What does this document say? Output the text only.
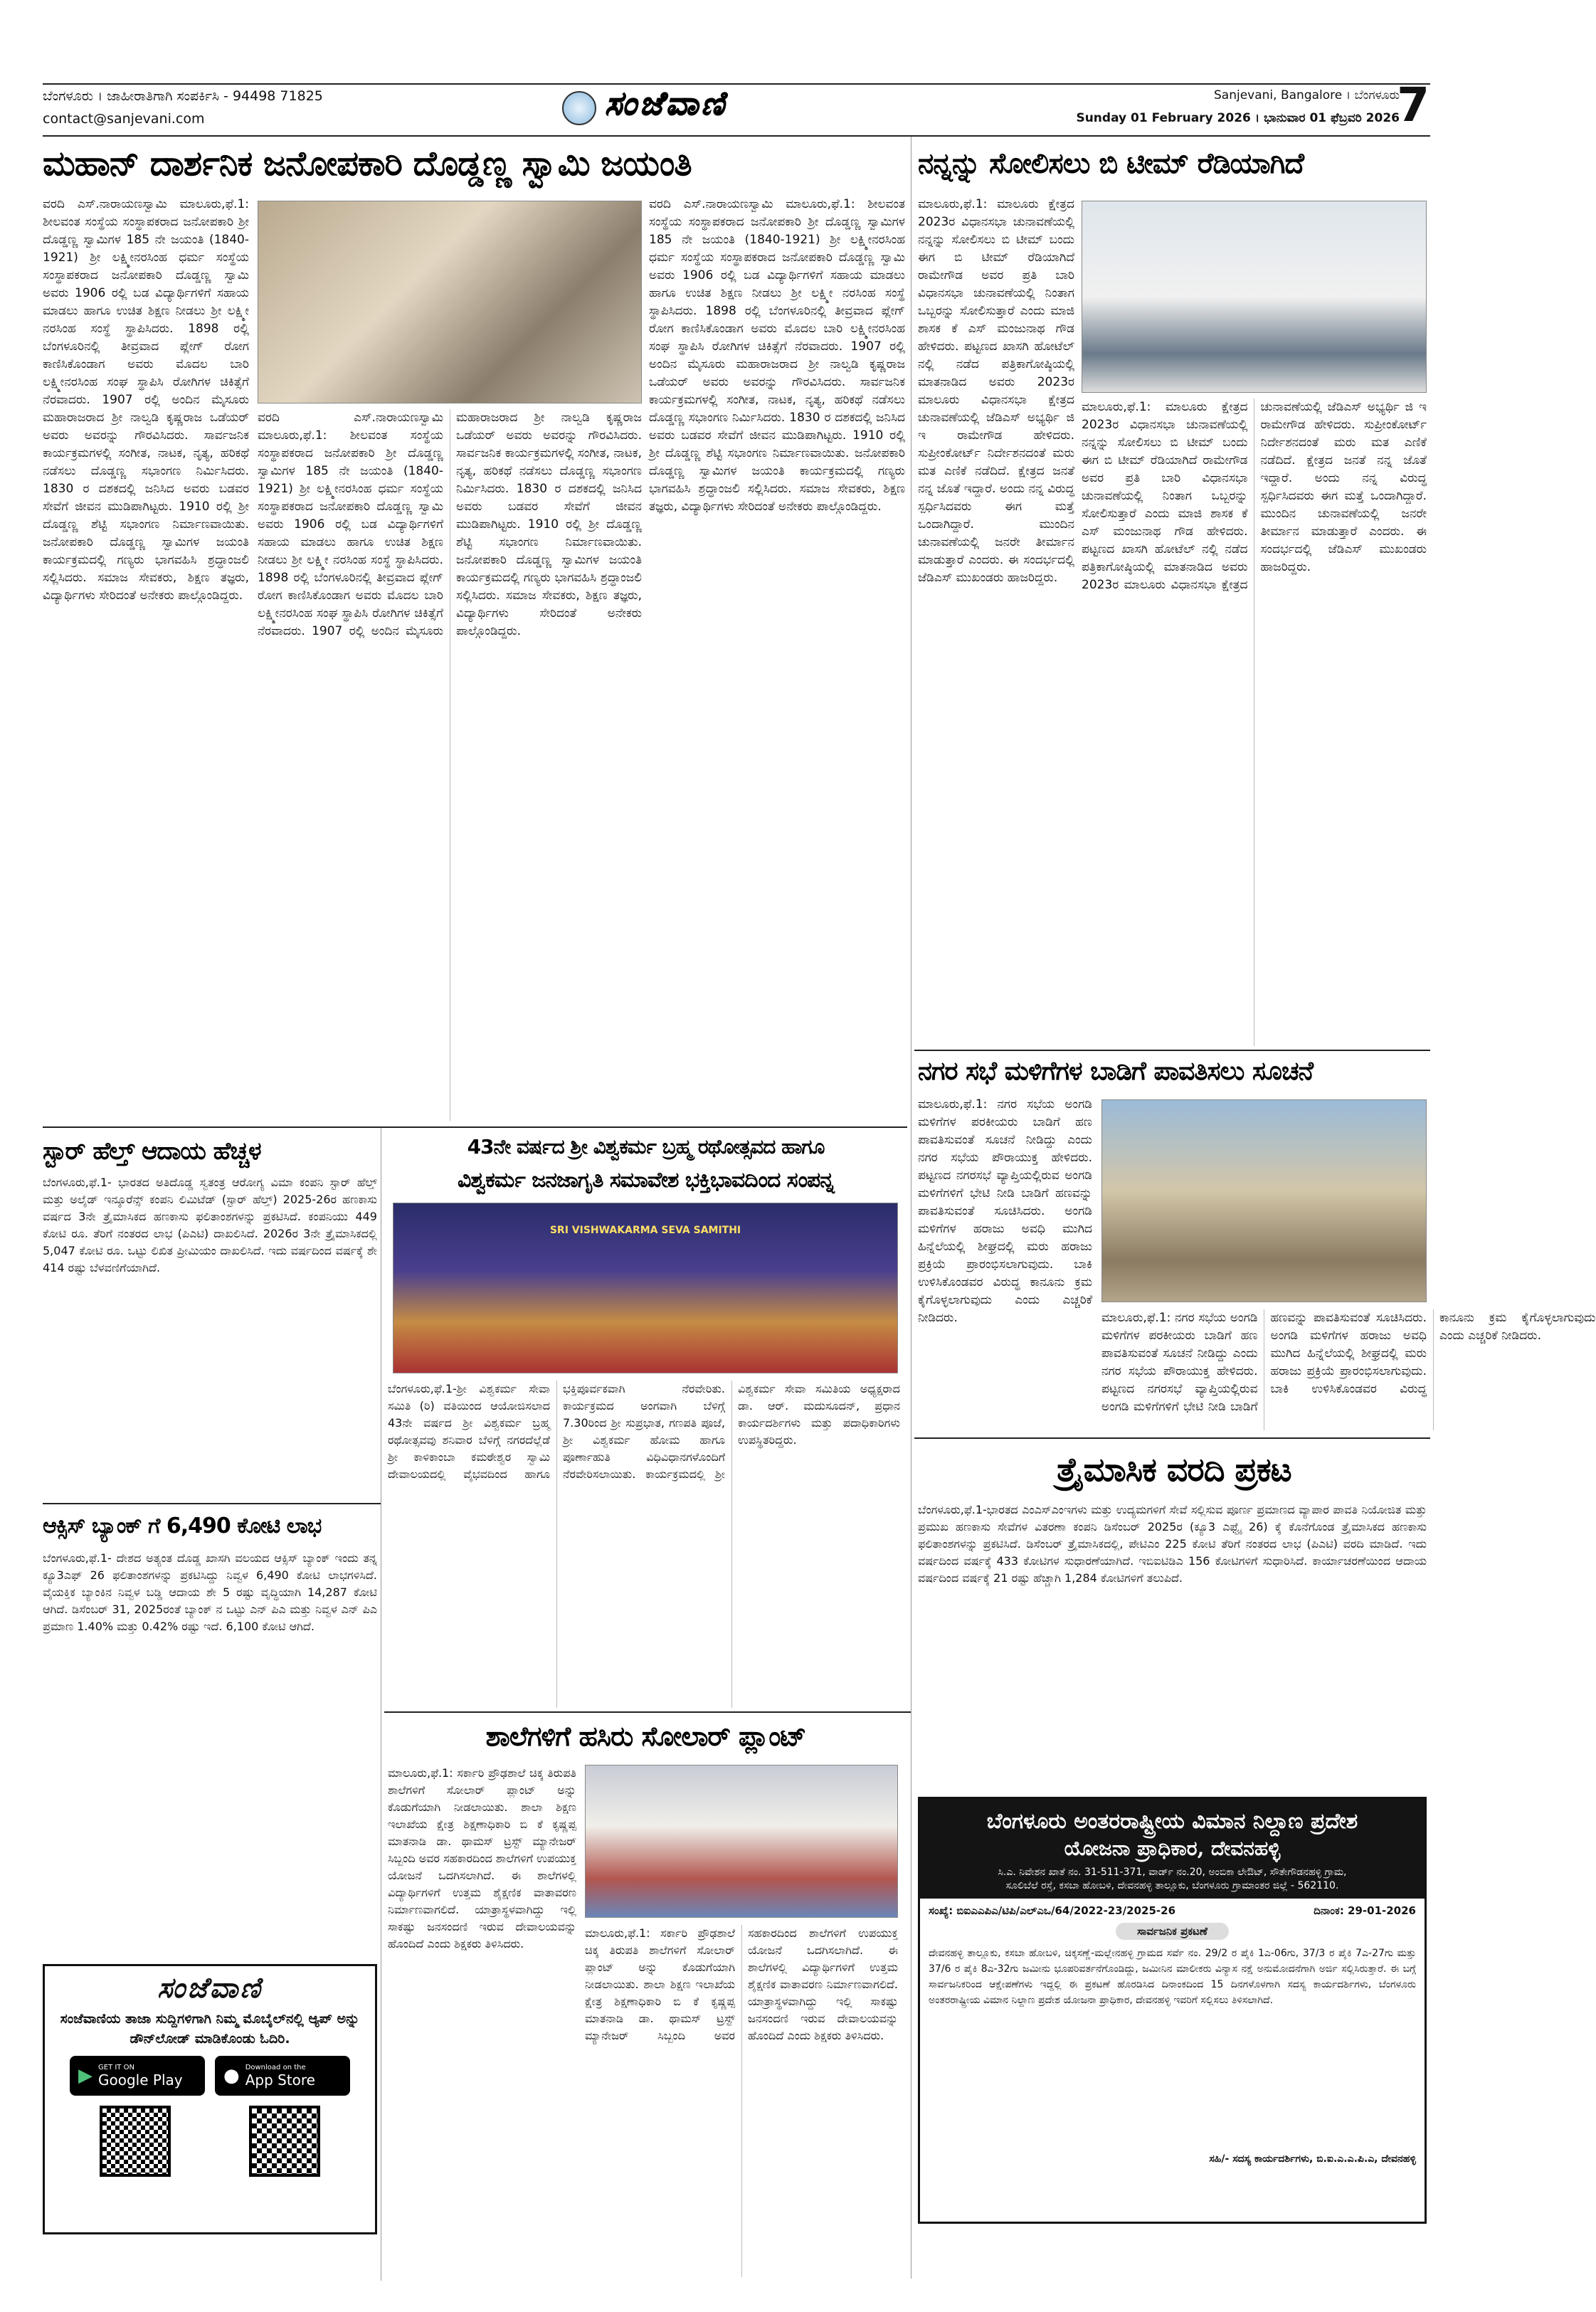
ಬೆಂಗಳೂರು । ಜಾಹೀರಾತಿಗಾಗಿ ಸಂಪರ್ಕಿಸಿ - 94498 71825
contact@sanjevani.com	ಸಂಜೆವಾಣಿ	Sanjevani, Bangalore । ಬೆಂಗಳೂರು
Sunday 01 February 2026 । ಭಾನುವಾರ 01 ಫೆಬ್ರವರಿ 2026
7
ಮಹಾನ್ ದಾರ್ಶನಿಕ ಜನೋಪಕಾರಿ ದೊಡ್ಡಣ್ಣ ಸ್ವಾಮಿ ಜಯಂತಿ
ವರದಿ ಎಸ್.ನಾರಾಯಣಸ್ವಾಮಿ ಮಾಲೂರು,ಫೆ.1: ಶೀಲವಂತ ಸಂಸ್ಥೆಯ ಸಂಸ್ಥಾಪಕರಾದ ಜನೋಪಕಾರಿ ಶ್ರೀ ದೊಡ್ಡಣ್ಣ ಸ್ವಾಮಿಗಳ 185 ನೇ ಜಯಂತಿ (1840-1921) ಶ್ರೀ ಲಕ್ಷ್ಮೀನರಸಿಂಹ ಧರ್ಮ ಸಂಸ್ಥೆಯ ಸಂಸ್ಥಾಪಕರಾದ ಜನೋಪಕಾರಿ ದೊಡ್ಡಣ್ಣ ಸ್ವಾಮಿ ಅವರು 1906 ರಲ್ಲಿ ಬಡ ವಿದ್ಯಾರ್ಥಿಗಳಿಗೆ ಸಹಾಯ ಮಾಡಲು ಹಾಗೂ ಉಚಿತ ಶಿಕ್ಷಣ ನೀಡಲು ಶ್ರೀ ಲಕ್ಷ್ಮೀ ನರಸಿಂಹ ಸಂಸ್ಥೆ ಸ್ಥಾಪಿಸಿದರು. 1898 ರಲ್ಲಿ ಬೆಂಗಳೂರಿನಲ್ಲಿ ತೀವ್ರವಾದ ಪ್ಲೇಗ್ ರೋಗ ಕಾಣಿಸಿಕೊಂಡಾಗ ಅವರು ಮೊದಲ ಬಾರಿ ಲಕ್ಷ್ಮೀನರಸಿಂಹ ಸಂಘ ಸ್ಥಾಪಿಸಿ ರೋಗಿಗಳ ಚಿಕಿತ್ಸೆಗೆ ನೆರವಾದರು. 1907 ರಲ್ಲಿ ಅಂದಿನ ಮೈಸೂರು ಮಹಾರಾಜರಾದ ಶ್ರೀ ನಾಲ್ವಡಿ ಕೃಷ್ಣರಾಜ ಒಡೆಯರ್ ಅವರು ಅವರನ್ನು ಗೌರವಿಸಿದರು. ಸಾರ್ವಜನಿಕ ಕಾರ್ಯಕ್ರಮಗಳಲ್ಲಿ ಸಂಗೀತ, ನಾಟಕ, ನೃತ್ಯ, ಹರಿಕಥೆ ನಡೆಸಲು ದೊಡ್ಡಣ್ಣ ಸಭಾಂಗಣ ನಿರ್ಮಿಸಿದರು. 1830 ರ ದಶಕದಲ್ಲಿ ಜನಿಸಿದ ಅವರು ಬಡವರ ಸೇವೆಗೆ ಜೀವನ ಮುಡಿಪಾಗಿಟ್ಟರು. 1910 ರಲ್ಲಿ ಶ್ರೀ ದೊಡ್ಡಣ್ಣ ಶೆಟ್ಟಿ ಸಭಾಂಗಣ ನಿರ್ಮಾಣವಾಯಿತು. ಜನೋಪಕಾರಿ ದೊಡ್ಡಣ್ಣ ಸ್ವಾಮಿಗಳ ಜಯಂತಿ ಕಾರ್ಯಕ್ರಮದಲ್ಲಿ ಗಣ್ಯರು ಭಾಗವಹಿಸಿ ಶ್ರದ್ಧಾಂಜಲಿ ಸಲ್ಲಿಸಿದರು. ಸಮಾಜ ಸೇವಕರು, ಶಿಕ್ಷಣ ತಜ್ಞರು, ವಿದ್ಯಾರ್ಥಿಗಳು ಸೇರಿದಂತೆ ಅನೇಕರು ಪಾಲ್ಗೊಂಡಿದ್ದರು.
ವರದಿ ಎಸ್.ನಾರಾಯಣಸ್ವಾಮಿ ಮಾಲೂರು,ಫೆ.1: ಶೀಲವಂತ ಸಂಸ್ಥೆಯ ಸಂಸ್ಥಾಪಕರಾದ ಜನೋಪಕಾರಿ ಶ್ರೀ ದೊಡ್ಡಣ್ಣ ಸ್ವಾಮಿಗಳ 185 ನೇ ಜಯಂತಿ (1840-1921) ಶ್ರೀ ಲಕ್ಷ್ಮೀನರಸಿಂಹ ಧರ್ಮ ಸಂಸ್ಥೆಯ ಸಂಸ್ಥಾಪಕರಾದ ಜನೋಪಕಾರಿ ದೊಡ್ಡಣ್ಣ ಸ್ವಾಮಿ ಅವರು 1906 ರಲ್ಲಿ ಬಡ ವಿದ್ಯಾರ್ಥಿಗಳಿಗೆ ಸಹಾಯ ಮಾಡಲು ಹಾಗೂ ಉಚಿತ ಶಿಕ್ಷಣ ನೀಡಲು ಶ್ರೀ ಲಕ್ಷ್ಮೀ ನರಸಿಂಹ ಸಂಸ್ಥೆ ಸ್ಥಾಪಿಸಿದರು. 1898 ರಲ್ಲಿ ಬೆಂಗಳೂರಿನಲ್ಲಿ ತೀವ್ರವಾದ ಪ್ಲೇಗ್ ರೋಗ ಕಾಣಿಸಿಕೊಂಡಾಗ ಅವರು ಮೊದಲ ಬಾರಿ ಲಕ್ಷ್ಮೀನರಸಿಂಹ ಸಂಘ ಸ್ಥಾಪಿಸಿ ರೋಗಿಗಳ ಚಿಕಿತ್ಸೆಗೆ ನೆರವಾದರು. 1907 ರಲ್ಲಿ ಅಂದಿನ ಮೈಸೂರು ಮಹಾರಾಜರಾದ ಶ್ರೀ ನಾಲ್ವಡಿ ಕೃಷ್ಣರಾಜ ಒಡೆಯರ್ ಅವರು ಅವರನ್ನು ಗೌರವಿಸಿದರು. ಸಾರ್ವಜನಿಕ ಕಾರ್ಯಕ್ರಮಗಳಲ್ಲಿ ಸಂಗೀತ, ನಾಟಕ, ನೃತ್ಯ, ಹರಿಕಥೆ ನಡೆಸಲು ದೊಡ್ಡಣ್ಣ ಸಭಾಂಗಣ ನಿರ್ಮಿಸಿದರು. 1830 ರ ದಶಕದಲ್ಲಿ ಜನಿಸಿದ ಅವರು ಬಡವರ ಸೇವೆಗೆ ಜೀವನ ಮುಡಿಪಾಗಿಟ್ಟರು. 1910 ರಲ್ಲಿ ಶ್ರೀ ದೊಡ್ಡಣ್ಣ ಶೆಟ್ಟಿ ಸಭಾಂಗಣ ನಿರ್ಮಾಣವಾಯಿತು. ಜನೋಪಕಾರಿ ದೊಡ್ಡಣ್ಣ ಸ್ವಾಮಿಗಳ ಜಯಂತಿ ಕಾರ್ಯಕ್ರಮದಲ್ಲಿ ಗಣ್ಯರು ಭಾಗವಹಿಸಿ ಶ್ರದ್ಧಾಂಜಲಿ ಸಲ್ಲಿಸಿದರು. ಸಮಾಜ ಸೇವಕರು, ಶಿಕ್ಷಣ ತಜ್ಞರು, ವಿದ್ಯಾರ್ಥಿಗಳು ಸೇರಿದಂತೆ ಅನೇಕರು ಪಾಲ್ಗೊಂಡಿದ್ದರು.
ವರದಿ ಎಸ್.ನಾರಾಯಣಸ್ವಾಮಿ ಮಾಲೂರು,ಫೆ.1: ಶೀಲವಂತ ಸಂಸ್ಥೆಯ ಸಂಸ್ಥಾಪಕರಾದ ಜನೋಪಕಾರಿ ಶ್ರೀ ದೊಡ್ಡಣ್ಣ ಸ್ವಾಮಿಗಳ 185 ನೇ ಜಯಂತಿ (1840-1921) ಶ್ರೀ ಲಕ್ಷ್ಮೀನರಸಿಂಹ ಧರ್ಮ ಸಂಸ್ಥೆಯ ಸಂಸ್ಥಾಪಕರಾದ ಜನೋಪಕಾರಿ ದೊಡ್ಡಣ್ಣ ಸ್ವಾಮಿ ಅವರು 1906 ರಲ್ಲಿ ಬಡ ವಿದ್ಯಾರ್ಥಿಗಳಿಗೆ ಸಹಾಯ ಮಾಡಲು ಹಾಗೂ ಉಚಿತ ಶಿಕ್ಷಣ ನೀಡಲು ಶ್ರೀ ಲಕ್ಷ್ಮೀ ನರಸಿಂಹ ಸಂಸ್ಥೆ ಸ್ಥಾಪಿಸಿದರು. 1898 ರಲ್ಲಿ ಬೆಂಗಳೂರಿನಲ್ಲಿ ತೀವ್ರವಾದ ಪ್ಲೇಗ್ ರೋಗ ಕಾಣಿಸಿಕೊಂಡಾಗ ಅವರು ಮೊದಲ ಬಾರಿ ಲಕ್ಷ್ಮೀನರಸಿಂಹ ಸಂಘ ಸ್ಥಾಪಿಸಿ ರೋಗಿಗಳ ಚಿಕಿತ್ಸೆಗೆ ನೆರವಾದರು. 1907 ರಲ್ಲಿ ಅಂದಿನ ಮೈಸೂರು ಮಹಾರಾಜರಾದ ಶ್ರೀ ನಾಲ್ವಡಿ ಕೃಷ್ಣರಾಜ ಒಡೆಯರ್ ಅವರು ಅವರನ್ನು ಗೌರವಿಸಿದರು. ಸಾರ್ವಜನಿಕ ಕಾರ್ಯಕ್ರಮಗಳಲ್ಲಿ ಸಂಗೀತ, ನಾಟಕ, ನೃತ್ಯ, ಹರಿಕಥೆ ನಡೆಸಲು ದೊಡ್ಡಣ್ಣ ಸಭಾಂಗಣ ನಿರ್ಮಿಸಿದರು. 1830 ರ ದಶಕದಲ್ಲಿ ಜನಿಸಿದ ಅವರು ಬಡವರ ಸೇವೆಗೆ ಜೀವನ ಮುಡಿಪಾಗಿಟ್ಟರು. 1910 ರಲ್ಲಿ ಶ್ರೀ ದೊಡ್ಡಣ್ಣ ಶೆಟ್ಟಿ ಸಭಾಂಗಣ ನಿರ್ಮಾಣವಾಯಿತು. ಜನೋಪಕಾರಿ ದೊಡ್ಡಣ್ಣ ಸ್ವಾಮಿಗಳ ಜಯಂತಿ ಕಾರ್ಯಕ್ರಮದಲ್ಲಿ ಗಣ್ಯರು ಭಾಗವಹಿಸಿ ಶ್ರದ್ಧಾಂಜಲಿ ಸಲ್ಲಿಸಿದರು. ಸಮಾಜ ಸೇವಕರು, ಶಿಕ್ಷಣ ತಜ್ಞರು, ವಿದ್ಯಾರ್ಥಿಗಳು ಸೇರಿದಂತೆ ಅನೇಕರು ಪಾಲ್ಗೊಂಡಿದ್ದರು.
ನನ್ನನ್ನು ಸೋಲಿಸಲು ಬಿ ಟೀಮ್ ರೆಡಿಯಾಗಿದೆ
ಮಾಲೂರು,ಫೆ.1: ಮಾಲೂರು ಕ್ಷೇತ್ರದ 2023ರ ವಿಧಾನಸಭಾ ಚುನಾವಣೆಯಲ್ಲಿ ನನ್ನನ್ನು ಸೋಲಿಸಲು ಬಿ ಟೀಮ್ ಬಂದು ಈಗ ಬಿ ಟೀಮ್ ರೆಡಿಯಾಗಿದೆ ರಾಮೇಗೌಡ ಅವರ ಪ್ರತಿ ಬಾರಿ ವಿಧಾನಸಭಾ ಚುನಾವಣೆಯಲ್ಲಿ ನಿಂತಾಗ ಒಬ್ಬರನ್ನು ಸೋಲಿಸುತ್ತಾರೆ ಎಂದು ಮಾಜಿ ಶಾಸಕ ಕೆ ಎಸ್ ಮಂಜುನಾಥ ಗೌಡ ಹೇಳಿದರು. ಪಟ್ಟಣದ ಖಾಸಗಿ ಹೋಟೆಲ್ ನಲ್ಲಿ ನಡೆದ ಪತ್ರಿಕಾಗೋಷ್ಠಿಯಲ್ಲಿ ಮಾತನಾಡಿದ ಅವರು 2023ರ ಮಾಲೂರು ವಿಧಾನಸಭಾ ಕ್ಷೇತ್ರದ ಚುನಾವಣೆಯಲ್ಲಿ ಜೆಡಿಎಸ್ ಅಭ್ಯರ್ಥಿ ಜಿ ಇ ರಾಮೇಗೌಡ ಹೇಳಿದರು. ಸುಪ್ರೀಂಕೋರ್ಟ್ ನಿರ್ದೇಶನದಂತೆ ಮರು ಮತ ಎಣಿಕೆ ನಡೆದಿದೆ. ಕ್ಷೇತ್ರದ ಜನತೆ ನನ್ನ ಜೊತೆ ಇದ್ದಾರೆ. ಅಂದು ನನ್ನ ವಿರುದ್ಧ ಸ್ಪರ್ಧಿಸಿದವರು ಈಗ ಮತ್ತೆ ಒಂದಾಗಿದ್ದಾರೆ. ಮುಂದಿನ ಚುನಾವಣೆಯಲ್ಲಿ ಜನರೇ ತೀರ್ಮಾನ ಮಾಡುತ್ತಾರೆ ಎಂದರು. ಈ ಸಂದರ್ಭದಲ್ಲಿ ಜೆಡಿಎಸ್ ಮುಖಂಡರು ಹಾಜರಿದ್ದರು.
ಮಾಲೂರು,ಫೆ.1: ಮಾಲೂರು ಕ್ಷೇತ್ರದ 2023ರ ವಿಧಾನಸಭಾ ಚುನಾವಣೆಯಲ್ಲಿ ನನ್ನನ್ನು ಸೋಲಿಸಲು ಬಿ ಟೀಮ್ ಬಂದು ಈಗ ಬಿ ಟೀಮ್ ರೆಡಿಯಾಗಿದೆ ರಾಮೇಗೌಡ ಅವರ ಪ್ರತಿ ಬಾರಿ ವಿಧಾನಸಭಾ ಚುನಾವಣೆಯಲ್ಲಿ ನಿಂತಾಗ ಒಬ್ಬರನ್ನು ಸೋಲಿಸುತ್ತಾರೆ ಎಂದು ಮಾಜಿ ಶಾಸಕ ಕೆ ಎಸ್ ಮಂಜುನಾಥ ಗೌಡ ಹೇಳಿದರು. ಪಟ್ಟಣದ ಖಾಸಗಿ ಹೋಟೆಲ್ ನಲ್ಲಿ ನಡೆದ ಪತ್ರಿಕಾಗೋಷ್ಠಿಯಲ್ಲಿ ಮಾತನಾಡಿದ ಅವರು 2023ರ ಮಾಲೂರು ವಿಧಾನಸಭಾ ಕ್ಷೇತ್ರದ ಚುನಾವಣೆಯಲ್ಲಿ ಜೆಡಿಎಸ್ ಅಭ್ಯರ್ಥಿ ಜಿ ಇ ರಾಮೇಗೌಡ ಹೇಳಿದರು. ಸುಪ್ರೀಂಕೋರ್ಟ್ ನಿರ್ದೇಶನದಂತೆ ಮರು ಮತ ಎಣಿಕೆ ನಡೆದಿದೆ. ಕ್ಷೇತ್ರದ ಜನತೆ ನನ್ನ ಜೊತೆ ಇದ್ದಾರೆ. ಅಂದು ನನ್ನ ವಿರುದ್ಧ ಸ್ಪರ್ಧಿಸಿದವರು ಈಗ ಮತ್ತೆ ಒಂದಾಗಿದ್ದಾರೆ. ಮುಂದಿನ ಚುನಾವಣೆಯಲ್ಲಿ ಜನರೇ ತೀರ್ಮಾನ ಮಾಡುತ್ತಾರೆ ಎಂದರು. ಈ ಸಂದರ್ಭದಲ್ಲಿ ಜೆಡಿಎಸ್ ಮುಖಂಡರು ಹಾಜರಿದ್ದರು.
ನಗರ ಸಭೆ ಮಳಿಗೆಗಳ ಬಾಡಿಗೆ ಪಾವತಿಸಲು ಸೂಚನೆ
ಮಾಲೂರು,ಫೆ.1: ನಗರ ಸಭೆಯ ಅಂಗಡಿ ಮಳಿಗೆಗಳ ಪರಕೀಯರು ಬಾಡಿಗೆ ಹಣ ಪಾವತಿಸುವಂತೆ ಸೂಚನೆ ನೀಡಿದ್ದು ಎಂದು ನಗರ ಸಭೆಯ ಪೌರಾಯುಕ್ತ ಹೇಳಿದರು. ಪಟ್ಟಣದ ನಗರಸಭೆ ವ್ಯಾಪ್ತಿಯಲ್ಲಿರುವ ಅಂಗಡಿ ಮಳಿಗೆಗಳಿಗೆ ಭೇಟಿ ನೀಡಿ ಬಾಡಿಗೆ ಹಣವನ್ನು ಪಾವತಿಸುವಂತೆ ಸೂಚಿಸಿದರು. ಅಂಗಡಿ ಮಳಿಗೆಗಳ ಹರಾಜು ಅವಧಿ ಮುಗಿದ ಹಿನ್ನೆಲೆಯಲ್ಲಿ ಶೀಘ್ರದಲ್ಲಿ ಮರು ಹರಾಜು ಪ್ರಕ್ರಿಯೆ ಪ್ರಾರಂಭಿಸಲಾಗುವುದು. ಬಾಕಿ ಉಳಿಸಿಕೊಂಡವರ ವಿರುದ್ಧ ಕಾನೂನು ಕ್ರಮ ಕೈಗೊಳ್ಳಲಾಗುವುದು ಎಂದು ಎಚ್ಚರಿಕೆ ನೀಡಿದರು.	ಮಾಲೂರು,ಫೆ.1: ನಗರ ಸಭೆಯ ಅಂಗಡಿ ಮಳಿಗೆಗಳ ಪರಕೀಯರು ಬಾಡಿಗೆ ಹಣ ಪಾವತಿಸುವಂತೆ ಸೂಚನೆ ನೀಡಿದ್ದು ಎಂದು ನಗರ ಸಭೆಯ ಪೌರಾಯುಕ್ತ ಹೇಳಿದರು. ಪಟ್ಟಣದ ನಗರಸಭೆ ವ್ಯಾಪ್ತಿಯಲ್ಲಿರುವ ಅಂಗಡಿ ಮಳಿಗೆಗಳಿಗೆ ಭೇಟಿ ನೀಡಿ ಬಾಡಿಗೆ ಹಣವನ್ನು ಪಾವತಿಸುವಂತೆ ಸೂಚಿಸಿದರು. ಅಂಗಡಿ ಮಳಿಗೆಗಳ ಹರಾಜು ಅವಧಿ ಮುಗಿದ ಹಿನ್ನೆಲೆಯಲ್ಲಿ ಶೀಘ್ರದಲ್ಲಿ ಮರು ಹರಾಜು ಪ್ರಕ್ರಿಯೆ ಪ್ರಾರಂಭಿಸಲಾಗುವುದು. ಬಾಕಿ ಉಳಿಸಿಕೊಂಡವರ ವಿರುದ್ಧ ಕಾನೂನು ಕ್ರಮ ಕೈಗೊಳ್ಳಲಾಗುವುದು ಎಂದು ಎಚ್ಚರಿಕೆ ನೀಡಿದರು.
ತ್ರೈಮಾಸಿಕ ವರದಿ ಪ್ರಕಟ
ಬೆಂಗಳೂರು,ಫೆ.1-ಭಾರತದ ಎಂಎಸ್ಎಂಇಗಳು ಮತ್ತು ಉದ್ಯಮಗಳಿಗೆ ಸೇವೆ ಸಲ್ಲಿಸುವ ಪೂರ್ಣ ಪ್ರಮಾಣದ ವ್ಯಾಪಾರ ಪಾವತಿ ನಿಯೋಜಿತ ಮತ್ತು ಪ್ರಮುಖ ಹಣಕಾಸು ಸೇವೆಗಳ ವಿತರಣಾ ಕಂಪನಿ ಡಿಸೆಂಬರ್ 2025ರ (ಕ್ಯೂ3 ಎಫ್ವೈ 26) ಕ್ಕೆ ಕೊನೆಗೊಂಡ ತ್ರೈಮಾಸಿಕದ ಹಣಕಾಸು ಫಲಿತಾಂಶಗಳನ್ನು ಪ್ರಕಟಿಸಿದೆ. ಡಿಸೆಂಬರ್ ತ್ರೈಮಾಸಿಕದಲ್ಲಿ, ಪೇಟಿಎಂ 225 ಕೋಟಿ ತೆರಿಗೆ ನಂತರದ ಲಾಭ (ಪಿಎಟಿ) ವರದಿ ಮಾಡಿದೆ. ಇದು ವರ್ಷದಿಂದ ವರ್ಷಕ್ಕೆ 433 ಕೋಟಿಗಳ ಸುಧಾರಣೆಯಾಗಿದೆ. ಇಬಿಐಟಿಡಿಎ 156 ಕೋಟಿಗಳಿಗೆ ಸುಧಾರಿಸಿದೆ. ಕಾರ್ಯಾಚರಣೆಯಿಂದ ಆದಾಯ ವರ್ಷದಿಂದ ವರ್ಷಕ್ಕೆ 21 ರಷ್ಟು ಹೆಚ್ಚಾಗಿ 1,284 ಕೋಟಿಗಳಿಗೆ ತಲುಪಿದೆ.
ಬೆಂಗಳೂರು ಅಂತರರಾಷ್ಟ್ರೀಯ ವಿಮಾನ ನಿಲ್ದಾಣ ಪ್ರದೇಶ
ಯೋಜನಾ ಪ್ರಾಧಿಕಾರ, ದೇವನಹಳ್ಳಿ
ಸಿ.ಎ. ನಿವೇಶನ ಖಾತೆ ನಂ. 31-511-371, ವಾರ್ಡ್ ನಂ.20, ಅಂಬಿಕಾ ಲೇಔಟ್, ಸೌತೇಗೌಡನಹಳ್ಳಿ ಗ್ರಾಮ,
ಸೂಲಿಬೆಲೆ ರಸ್ತೆ, ಕಸಬಾ ಹೋಬಳಿ, ದೇವನಹಳ್ಳಿ ತಾಲ್ಲೂಕು, ಬೆಂಗಳೂರು ಗ್ರಾಮಾಂತರ ಜಿಲ್ಲೆ - 562110.
ಸಂಖ್ಯೆ: ಬಿಐಎಎಪಿಎ/ಟಿಪಿ/ಎಲ್ಎಒ/64/2022-23/2025-26	ದಿನಾಂಕ: 29-01-2026
ಸಾರ್ವಜನಿಕ ಪ್ರಕಟಣೆ
ದೇವನಹಳ್ಳಿ ತಾಲ್ಲೂಕು, ಕಸಬಾ ಹೋಬಳಿ, ಚಿಕ್ಕಸಣ್ಣೆ-ಮಲ್ಲೇನಹಳ್ಳಿ ಗ್ರಾಮದ ಸರ್ವೆ ನಂ. 29/2 ರ ಪೈಕಿ 1ಎ-06ಗು, 37/3 ರ ಪೈಕಿ 7ಎ-27ಗು ಮತ್ತು 37/6 ರ ಪೈಕಿ 8ಎ-32ಗು ಜಮೀನು ಭೂಪರಿವರ್ತನೆಗೊಂಡಿದ್ದು, ಜಮೀನಿನ ಮಾಲೀಕರು ವಿನ್ಯಾಸ ನಕ್ಷೆ ಅನುಮೋದನೆಗಾಗಿ ಅರ್ಜಿ ಸಲ್ಲಿಸಿರುತ್ತಾರೆ. ಈ ಬಗ್ಗೆ ಸಾರ್ವಜನಿಕರಿಂದ ಆಕ್ಷೇಪಣೆಗಳು ಇದ್ದಲ್ಲಿ ಈ ಪ್ರಕಟಣೆ ಹೊರಡಿಸಿದ ದಿನಾಂಕದಿಂದ 15 ದಿನಗಳೊಳಗಾಗಿ ಸದಸ್ಯ ಕಾರ್ಯದರ್ಶಿಗಳು, ಬೆಂಗಳೂರು ಅಂತರರಾಷ್ಟ್ರೀಯ ವಿಮಾನ ನಿಲ್ದಾಣ ಪ್ರದೇಶ ಯೋಜನಾ ಪ್ರಾಧಿಕಾರ, ದೇವನಹಳ್ಳಿ ಇವರಿಗೆ ಸಲ್ಲಿಸಲು ತಿಳಿಸಲಾಗಿದೆ.
ಸಹಿ/- ಸದಸ್ಯ ಕಾರ್ಯದರ್ಶಿಗಳು, ಬಿ.ಐ.ಎ.ಎ.ಪಿ.ಎ, ದೇವನಹಳ್ಳಿ
ಸ್ಟಾರ್ ಹೆಲ್ತ್ ಆದಾಯ ಹೆಚ್ಚಳ
ಬೆಂಗಳೂರು,ಫೆ.1- ಭಾರತದ ಅತಿದೊಡ್ಡ ಸ್ವತಂತ್ರ ಆರೋಗ್ಯ ವಿಮಾ ಕಂಪನಿ ಸ್ಟಾರ್ ಹೆಲ್ತ್ ಮತ್ತು ಅಲೈಡ್ ಇನ್ಶೂರೆನ್ಸ್ ಕಂಪನಿ ಲಿಮಿಟೆಡ್ (ಸ್ಟಾರ್ ಹೆಲ್ತ್) 2025-26ರ ಹಣಕಾಸು ವರ್ಷದ 3ನೇ ತ್ರೈಮಾಸಿಕದ ಹಣಕಾಸು ಫಲಿತಾಂಶಗಳನ್ನು ಪ್ರಕಟಿಸಿದೆ. ಕಂಪನಿಯು 449 ಕೋಟಿ ರೂ. ತೆರಿಗೆ ನಂತರದ ಲಾಭ (ಪಿಎಟಿ) ದಾಖಲಿಸಿದೆ. 2026ರ 3ನೇ ತ್ರೈಮಾಸಿಕದಲ್ಲಿ 5,047 ಕೋಟಿ ರೂ. ಒಟ್ಟು ಲಿಖಿತ ಪ್ರೀಮಿಯಂ ದಾಖಲಿಸಿದೆ. ಇದು ವರ್ಷದಿಂದ ವರ್ಷಕ್ಕೆ ಶೇ 414 ರಷ್ಟು ಬೆಳವಣಿಗೆಯಾಗಿದೆ.
ಆಕ್ಸಿಸ್ ಬ್ಯಾಂಕ್ ಗೆ 6,490 ಕೋಟಿ ಲಾಭ
ಬೆಂಗಳೂರು,ಫೆ.1- ದೇಶದ ಅತ್ಯಂತ ದೊಡ್ಡ ಖಾಸಗಿ ವಲಯದ ಆಕ್ಸಿಸ್ ಬ್ಯಾಂಕ್ ಇಂದು ತನ್ನ ಕ್ಯೂ3ಎಫ್ 26 ಫಲಿತಾಂಶಗಳನ್ನು ಪ್ರಕಟಿಸಿದ್ದು ನಿವ್ವಳ 6,490 ಕೋಟಿ ಲಾಭಗಳಿಸಿದೆ. ವೈಯಕ್ತಿಕ ಬ್ಯಾಂಕಿನ ನಿವ್ವಳ ಬಡ್ಡಿ ಆದಾಯ ಶೇ 5 ರಷ್ಟು ವೃದ್ಧಿಯಾಗಿ 14,287 ಕೋಟಿ ಆಗಿದೆ. ಡಿಸೆಂಬರ್ 31, 2025ರಂತೆ ಬ್ಯಾಂಕ್ ನ ಒಟ್ಟು ಎನ್ ಪಿಎ ಮತ್ತು ನಿವ್ವಳ ಎನ್ ಪಿಎ ಪ್ರಮಾಣ 1.40% ಮತ್ತು 0.42% ರಷ್ಟು ಇದೆ. 6,100 ಕೋಟಿ ಆಗಿದೆ.
ಸಂಜೆವಾಣಿ
ಸಂಜೆವಾಣಿಯ ತಾಜಾ ಸುದ್ದಿಗಳಿಗಾಗಿ ನಿಮ್ಮ ಮೊಬೈಲ್‌ನಲ್ಲಿ ಆ್ಯಪ್ ಅನ್ನು ಡೌನ್‌ಲೋಡ್ ಮಾಡಿಕೊಂಡು ಓದಿರಿ.
▶ GET IT ON
Google Play ● Download on the
App Store
43ನೇ ವರ್ಷದ ಶ್ರೀ ವಿಶ್ವಕರ್ಮ ಬ್ರಹ್ಮ ರಥೋತ್ಸವದ ಹಾಗೂ
ವಿಶ್ವಕರ್ಮ ಜನಜಾಗೃತಿ ಸಮಾವೇಶ ಭಕ್ತಿಭಾವದಿಂದ ಸಂಪನ್ನ
SRI VISHWAKARMA SEVA SAMITHI
ಬೆಂಗಳೂರು,ಫೆ.1-ಶ್ರೀ ವಿಶ್ವಕರ್ಮ ಸೇವಾ ಸಮಿತಿ (ರಿ) ವತಿಯಿಂದ ಆಯೋಜಿಸಲಾದ 43ನೇ ವರ್ಷದ ಶ್ರೀ ವಿಶ್ವಕರ್ಮ ಬ್ರಹ್ಮ ರಥೋತ್ಸವವು ಶನಿವಾರ ಬೆಳಿಗ್ಗೆ ನಗರದೆಲ್ಲೆಡೆ ಶ್ರೀ ಕಾಳಿಕಾಂಬಾ ಕಮಠೇಶ್ವರ ಸ್ವಾಮಿ ದೇವಾಲಯದಲ್ಲಿ ವೈಭವದಿಂದ ಹಾಗೂ ಭಕ್ತಿಪೂರ್ವಕವಾಗಿ ನೆರವೇರಿತು. ಕಾರ್ಯಕ್ರಮದ ಅಂಗವಾಗಿ ಬೆಳಿಗ್ಗೆ 7.30ರಿಂದ ಶ್ರೀ ಸುಪ್ರಭಾತ, ಗಣಪತಿ ಪೂಜೆ, ಶ್ರೀ ವಿಶ್ವಕರ್ಮ ಹೋಮ ಹಾಗೂ ಪೂರ್ಣಾಹುತಿ ವಿಧಿವಿಧಾನಗಳೊಂದಿಗೆ ನೆರವೇರಿಸಲಾಯಿತು. ಕಾರ್ಯಕ್ರಮದಲ್ಲಿ ಶ್ರೀ ವಿಶ್ವಕರ್ಮ ಸೇವಾ ಸಮಿತಿಯ ಅಧ್ಯಕ್ಷರಾದ ಡಾ. ಆರ್. ಮದುಸೂದನ್, ಪ್ರಧಾನ ಕಾರ್ಯದರ್ಶಿಗಳು ಮತ್ತು ಪದಾಧಿಕಾರಿಗಳು ಉಪಸ್ಥಿತರಿದ್ದರು.
ಶಾಲೆಗಳಿಗೆ ಹಸಿರು ಸೋಲಾರ್ ಪ್ಲಾಂಟ್
ಮಾಲೂರು,ಫೆ.1: ಸರ್ಕಾರಿ ಪ್ರೌಢಶಾಲೆ ಚಿಕ್ಕ ತಿರುಪತಿ ಶಾಲೆಗಳಿಗೆ ಸೋಲಾರ್ ಪ್ಲಾಂಟ್ ಅನ್ನು ಕೊಡುಗೆಯಾಗಿ ನೀಡಲಾಯಿತು. ಶಾಲಾ ಶಿಕ್ಷಣ ಇಲಾಖೆಯ ಕ್ಷೇತ್ರ ಶಿಕ್ಷಣಾಧಿಕಾರಿ ಬಿ ಕೆ ಕೃಷ್ಣಪ್ಪ ಮಾತನಾಡಿ ಡಾ. ಥಾಮಸ್ ಟ್ರಸ್ಟ್ ಮ್ಯಾನೇಜರ್ ಸಿಬ್ಬಂದಿ ಅವರ ಸಹಕಾರದಿಂದ ಶಾಲೆಗಳಿಗೆ ಉಪಯುಕ್ತ ಯೋಜನೆ ಒದಗಿಸಲಾಗಿದೆ. ಈ ಶಾಲೆಗಳಲ್ಲಿ ವಿದ್ಯಾರ್ಥಿಗಳಿಗೆ ಉತ್ತಮ ಶೈಕ್ಷಣಿಕ ವಾತಾವರಣ ನಿರ್ಮಾಣವಾಗಲಿದೆ. ಯಾತ್ರಾಸ್ಥಳವಾಗಿದ್ದು ಇಲ್ಲಿ ಸಾಕಷ್ಟು ಜನಸಂದಣಿ ಇರುವ ದೇವಾಲಯವನ್ನು ಹೊಂದಿದೆ ಎಂದು ಶಿಕ್ಷಕರು ತಿಳಿಸಿದರು.
ಮಾಲೂರು,ಫೆ.1: ಸರ್ಕಾರಿ ಪ್ರೌಢಶಾಲೆ ಚಿಕ್ಕ ತಿರುಪತಿ ಶಾಲೆಗಳಿಗೆ ಸೋಲಾರ್ ಪ್ಲಾಂಟ್ ಅನ್ನು ಕೊಡುಗೆಯಾಗಿ ನೀಡಲಾಯಿತು. ಶಾಲಾ ಶಿಕ್ಷಣ ಇಲಾಖೆಯ ಕ್ಷೇತ್ರ ಶಿಕ್ಷಣಾಧಿಕಾರಿ ಬಿ ಕೆ ಕೃಷ್ಣಪ್ಪ ಮಾತನಾಡಿ ಡಾ. ಥಾಮಸ್ ಟ್ರಸ್ಟ್ ಮ್ಯಾನೇಜರ್ ಸಿಬ್ಬಂದಿ ಅವರ ಸಹಕಾರದಿಂದ ಶಾಲೆಗಳಿಗೆ ಉಪಯುಕ್ತ ಯೋಜನೆ ಒದಗಿಸಲಾಗಿದೆ. ಈ ಶಾಲೆಗಳಲ್ಲಿ ವಿದ್ಯಾರ್ಥಿಗಳಿಗೆ ಉತ್ತಮ ಶೈಕ್ಷಣಿಕ ವಾತಾವರಣ ನಿರ್ಮಾಣವಾಗಲಿದೆ. ಯಾತ್ರಾಸ್ಥಳವಾಗಿದ್ದು ಇಲ್ಲಿ ಸಾಕಷ್ಟು ಜನಸಂದಣಿ ಇರುವ ದೇವಾಲಯವನ್ನು ಹೊಂದಿದೆ ಎಂದು ಶಿಕ್ಷಕರು ತಿಳಿಸಿದರು.
